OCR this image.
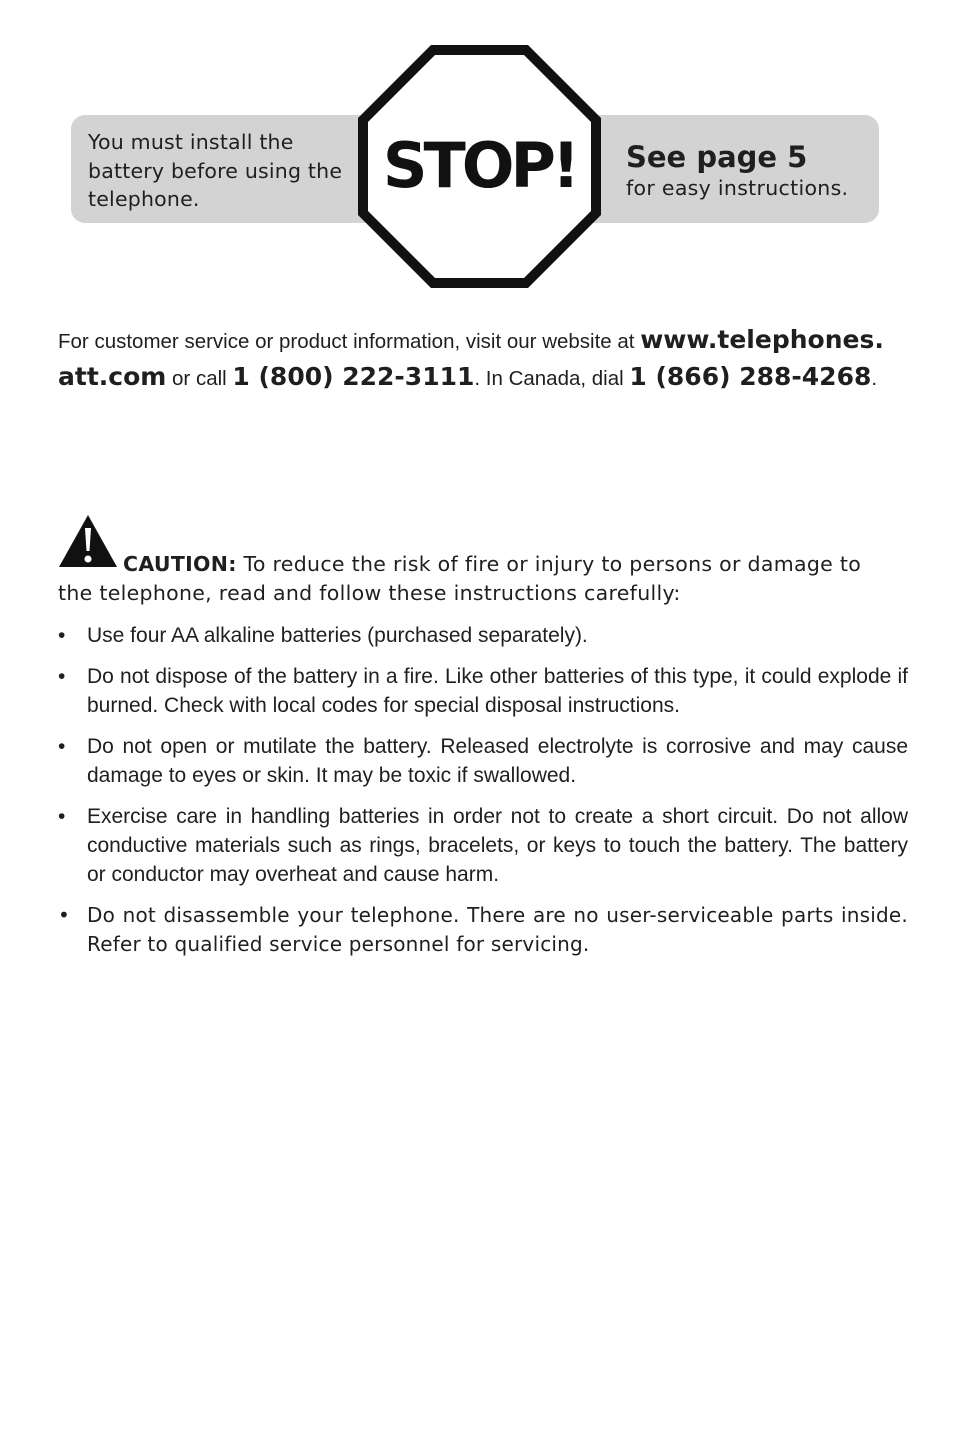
You must install the
battery before using the
telephone.	STOP!	See page 5
for easy instructions.
For customer service or product information, visit our website at www.telephones.
att.com or call 1 (800) 222-3111. In Canada, dial 1 (866) 288-4268.
CAUTION: To reduce the risk of fire or injury to persons or damage to
the telephone, read and follow these instructions carefully:
•	Use four AA alkaline batteries (purchased separately).
•	Do not dispose of the battery in a fire. Like other batteries of this type, it could explode if burned. Check with local codes for special disposal instructions.
•	Do not open or mutilate the battery. Released electrolyte is corrosive and may cause damage to eyes or skin. It may be toxic if swallowed.
•	Exercise care in handling batteries in order not to create a short circuit. Do not allow conductive materials such as rings, bracelets, or keys to touch the battery. The battery or conductor may overheat and cause harm.
• Do not disassemble your telephone. There are no user-serviceable parts inside. Refer to qualified service personnel for servicing.
